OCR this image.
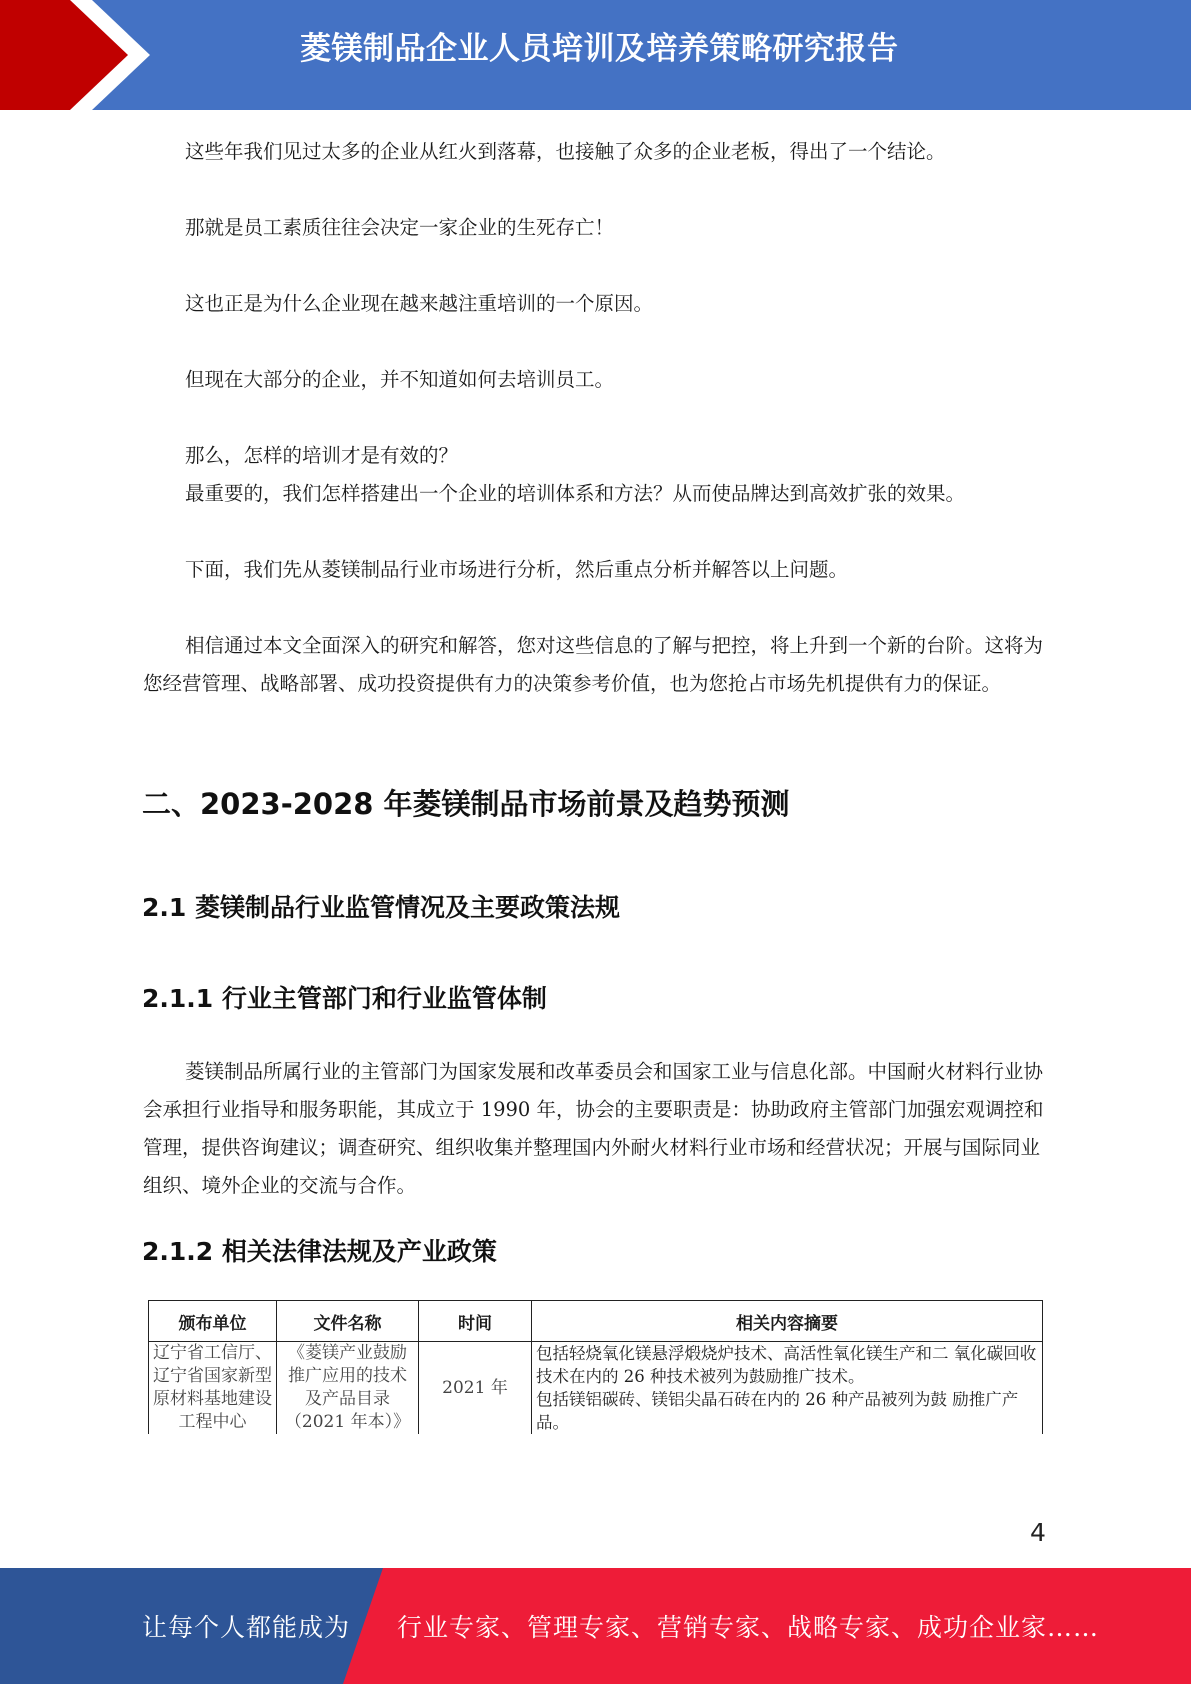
菱镁制品企业人员培训及培养策略研究报告
这些年我们见过太多的企业从红火到落幕，也接触了众多的企业老板，得出了一个结论。
那就是员工素质往往会决定一家企业的生死存亡！
这也正是为什么企业现在越来越注重培训的一个原因。
但现在大部分的企业，并不知道如何去培训员工。
那么，怎样的培训才是有效的？
最重要的，我们怎样搭建出一个企业的培训体系和方法？从而使品牌达到高效扩张的效果。
下面，我们先从菱镁制品行业市场进行分析，然后重点分析并解答以上问题。
相信通过本文全面深入的研究和解答，您对这些信息的了解与把控，将上升到一个新的台阶。这将为您经营管理、战略部署、成功投资提供有力的决策参考价值，也为您抢占市场先机提供有力的保证。
二、2023-2028 年菱镁制品市场前景及趋势预测
2.1 菱镁制品行业监管情况及主要政策法规
2.1.1 行业主管部门和行业监管体制
菱镁制品所属行业的主管部门为国家发展和改革委员会和国家工业与信息化部。中国耐火材料行业协会承担行业指导和服务职能，其成立于 1990 年，协会的主要职责是：协助政府主管部门加强宏观调控和管理，提供咨询建议；调查研究、组织收集并整理国内外耐火材料行业市场和经营状况；开展与国际同业组织、境外企业的交流与合作。
2.1.2 相关法律法规及产业政策
颁布单位	文件名称	时间	相关内容摘要
辽宁省工信厅、辽宁省国家新型原材料基地建设工程中心	《菱镁产业鼓励推广应用的技术及产品目录（2021 年本）》	2021 年	包括轻烧氧化镁悬浮煅烧炉技术、高活性氧化镁生产和二 氧化碳回收技术在内的 26 种技术被列为鼓励推广技术。
包括镁铝碳砖、镁铝尖晶石砖在内的 26 种产品被列为鼓 励推广产品。
4
让每个人都能成为 行业专家、管理专家、营销专家、战略专家、成功企业家……
